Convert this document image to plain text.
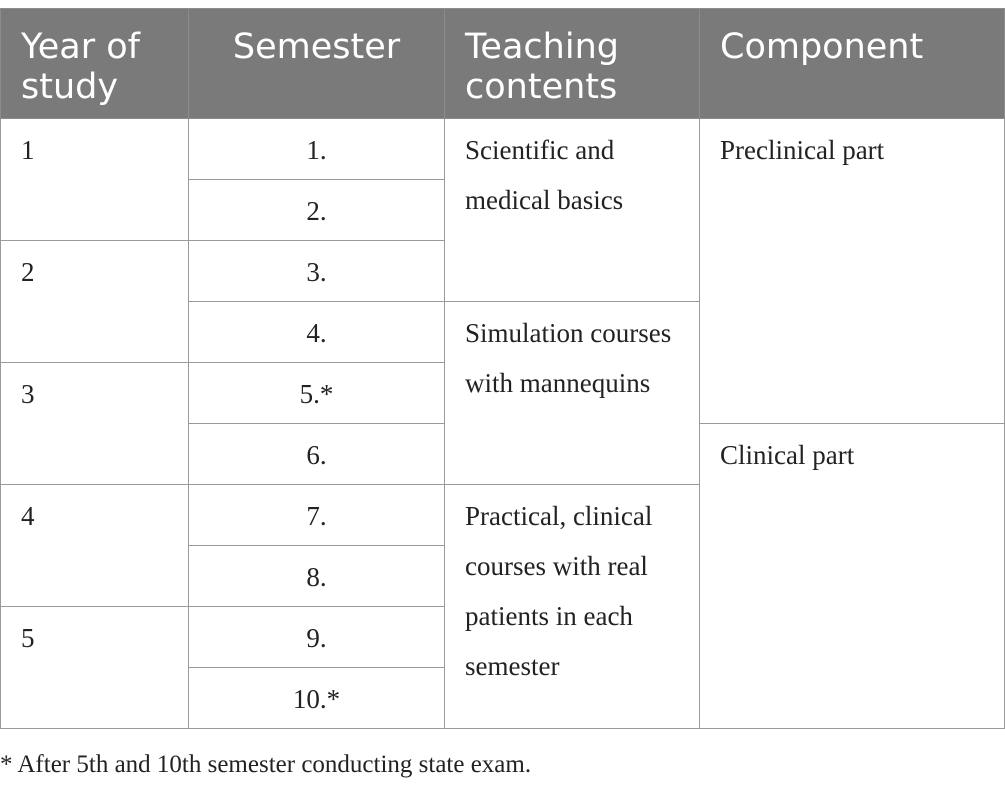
Year of study	Semester	Teaching contents	Component
1	1.	Scientific and medical basics	Preclinical part
	2.		
2	3.		
	4.	Simulation courses with mannequins	
3	5.*		
	6.		Clinical part
4	7.	Practical, clinical courses with real patients in each semester	
	8.		
5	9.		
	10.*		
* After 5th and 10th semester conducting state exam.
